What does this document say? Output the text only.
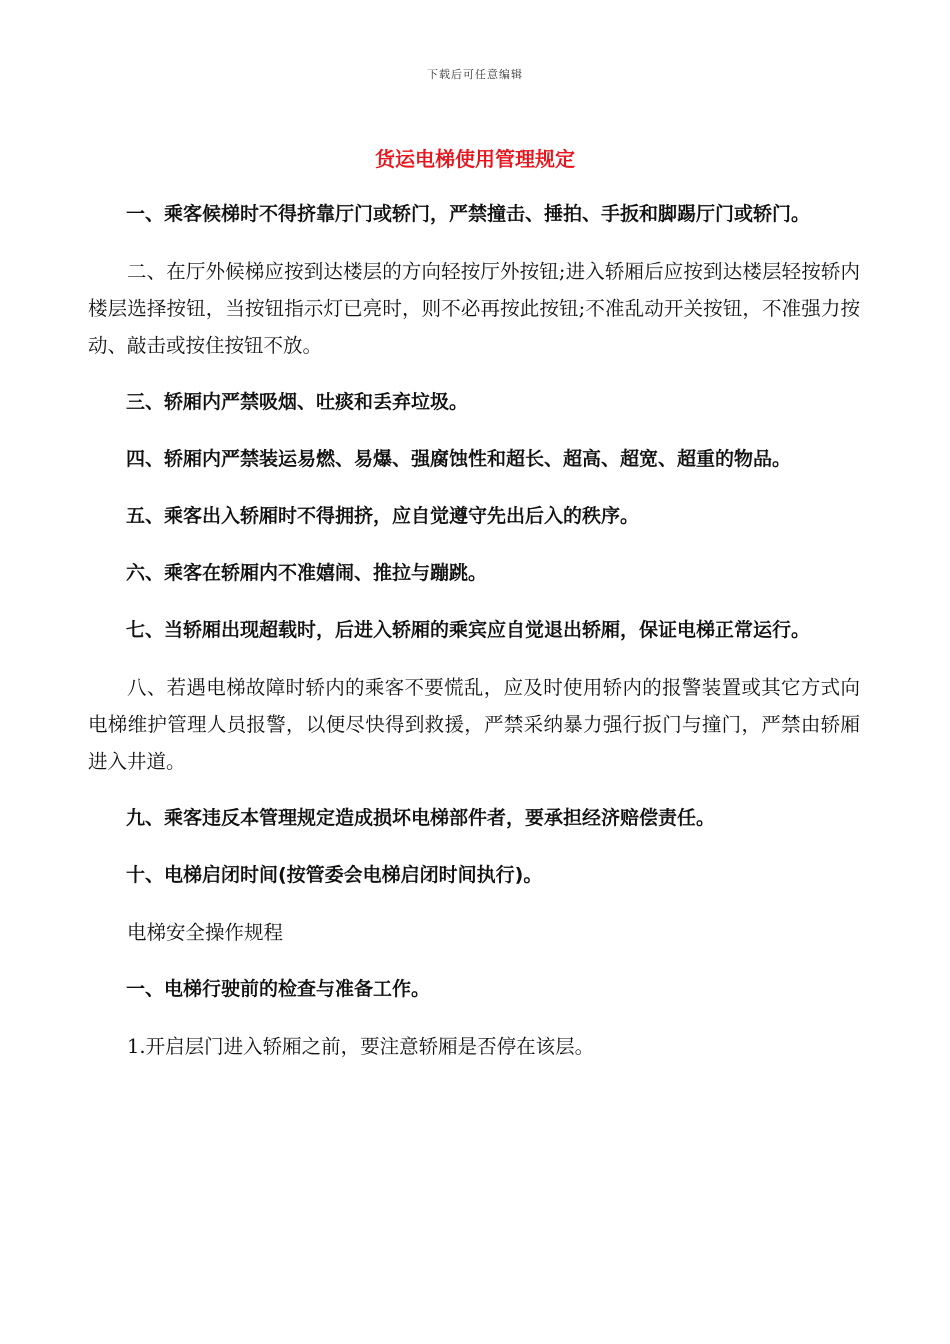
下载后可任意编辑
货运电梯使用管理规定

一、乘客候梯时不得挤靠厅门或轿门，严禁撞击、捶拍、手扳和脚踢厅门或轿门。

二、在厅外候梯应按到达楼层的方向轻按厅外按钮;进入轿厢后应按到达楼层轻按轿内楼层选择按钮，当按钮指示灯已亮时，则不必再按此按钮;不准乱动开关按钮，不准强力按动、敲击或按住按钮不放。

三、轿厢内严禁吸烟、吐痰和丢弃垃圾。

四、轿厢内严禁装运易燃、易爆、强腐蚀性和超长、超高、超宽、超重的物品。

五、乘客出入轿厢时不得拥挤，应自觉遵守先出后入的秩序。

六、乘客在轿厢内不准嬉闹、推拉与蹦跳。

七、当轿厢出现超载时，后进入轿厢的乘宾应自觉退出轿厢，保证电梯正常运行。

八、若遇电梯故障时轿内的乘客不要慌乱，应及时使用轿内的报警装置或其它方式向电梯维护管理人员报警，以便尽快得到救援，严禁采纳暴力强行扳门与撞门，严禁由轿厢进入井道。

九、乘客违反本管理规定造成损坏电梯部件者，要承担经济赔偿责任。

十、电梯启闭时间(按管委会电梯启闭时间执行)。

电梯安全操作规程

一、电梯行驶前的检查与准备工作。

1.开启层门进入轿厢之前，要注意轿厢是否停在该层。
